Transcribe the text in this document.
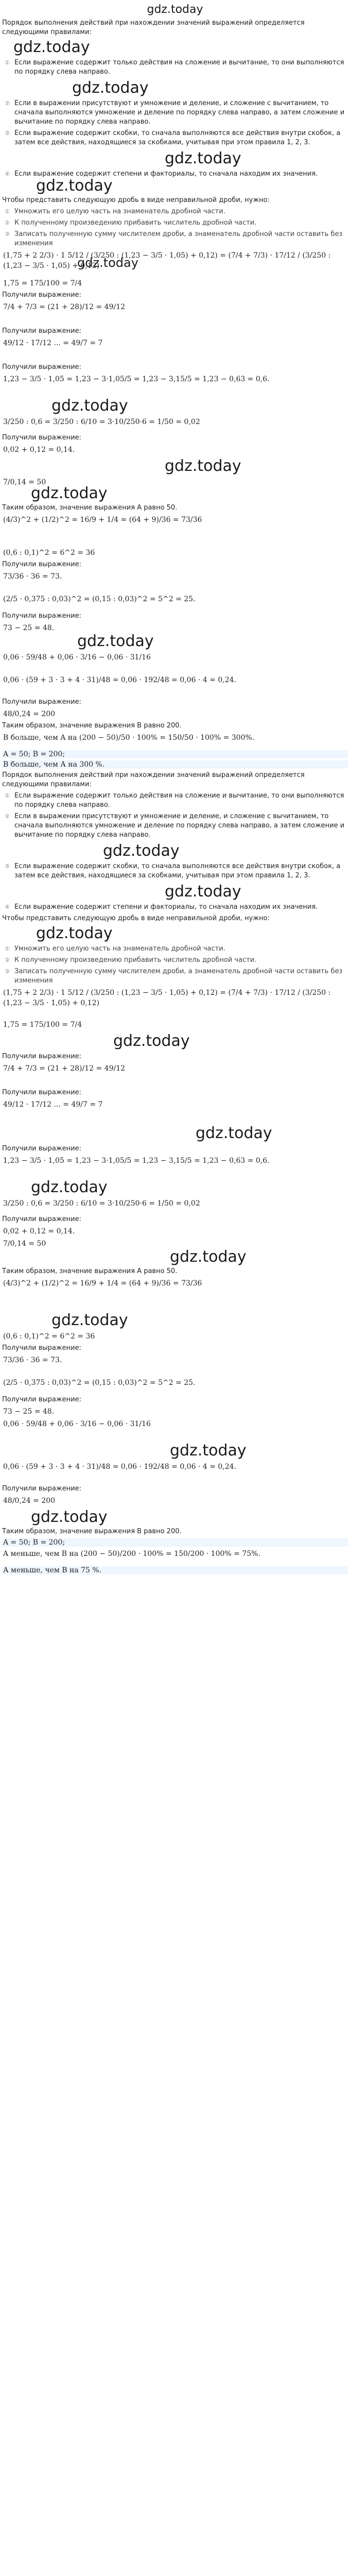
gdz.today

Порядок выполнения действий при нахождении значений выражений определяется следующими правилами:

gdz.today
① Если выражение содержит только действия на сложение и вычитание, то они выполняются по порядку слева направо.
gdz.today
② Если в выражении присутствуют и умножение и деление, и сложение с вычитанием, то сначала выполняются умножение и деление по порядку слева направо, а затем сложение и вычитание по порядку слева направо.
③ Если выражение содержит скобки, то сначала выполняются все действия внутри скобок, а затем все действия, находящиеся за скобками, учитывая при этом правила 1, 2, 3.
gdz.today
④ Если выражение содержит степени и факториалы, то сначала находим их значения.
gdz.today

Чтобы представить следующую дробь в виде неправильной дроби, нужно:

① Умножить его целую часть на знаменатель дробной части.
② К полученному произведению прибавить числитель дробной части.
③ Записать полученную сумму числителем дроби, а знаменатель дробной части оставить без изменения
(1,75 + 2 2/3) · 1 5/12 / (3/250 : (1,23 − 3/5 · 1,05) + 0,12) = (7/4 + 7/3) · 17/12 / (3/250 : (1,23 − 3/5 · 1,05) + 0,12)
gdz.today
1,75 = 175/100 = 7/4
Получили выражение:
7/4 + 7/3 = (21 + 28)/12 = 49/12
Получили выражение:
49/12 · 17/12 ... = 49/7 = 7
Получили выражение:
1,23 − 3/5 · 1,05 = 1,23 − 3·1,05/5 = 1,23 − 3,15/5 = 1,23 − 0,63 = 0,6.
gdz.today
3/250 : 0,6 = 3/250 : 6/10 = 3·10/250·6 = 1/50 = 0,02
Получили выражение:
0,02 + 0,12 = 0,14.
gdz.today
7/0,14 = 50
gdz.today

Таким образом, значение выражения A равно 50.

(4/3)^2 + (1/2)^2 = 16/9 + 1/4 = (64 + 9)/36 = 73/36
(0,6 : 0,1)^2 = 6^2 = 36
Получили выражение:
73/36 · 36 = 73.
(2/5 · 0,375 : 0,03)^2 = (0,15 : 0,03)^2 = 5^2 = 25.
Получили выражение:
73 − 25 = 48.
gdz.today
0,06 · 59/48 + 0,06 · 3/16 − 0,06 · 31/16
0,06 · (59 + 3 · 3 + 4 · 31)/48 = 0,06 · 192/48 = 0,06 · 4 = 0,24.
Получили выражение:
48/0,24 = 200

Таким образом, значение выражения B равно 200.

B больше, чем A на (200 − 50)/50 · 100% = 150/50 · 100% = 300%.
A = 50; B = 200;
В больше, чем А на 300 %.

Порядок выполнения действий при нахождении значений выражений определяется следующими правилами:

① Если выражение содержит только действия на сложение и вычитание, то они выполняются по порядку слева направо.
② Если в выражении присутствуют и умножение и деление, и сложение с вычитанием, то сначала выполняются умножение и деление по порядку слева направо, а затем сложение и вычитание по порядку слева направо.
gdz.today
③ Если выражение содержит скобки, то сначала выполняются все действия внутри скобок, а затем все действия, находящиеся за скобками, учитывая при этом правила 1, 2, 3.
gdz.today
④ Если выражение содержит степени и факториалы, то сначала находим их значения.

Чтобы представить следующую дробь в виде неправильной дроби, нужно:

gdz.today
① Умножить его целую часть на знаменатель дробной части.
② К полученному произведению прибавить числитель дробной части.
③ Записать полученную сумму числителем дроби, а знаменатель дробной части оставить без изменения
(1,75 + 2 2/3) · 1 5/12 / (3/250 : (1,23 − 3/5 · 1,05) + 0,12) = (7/4 + 7/3) · 17/12 / (3/250 : (1,23 − 3/5 · 1,05) + 0,12)
1,75 = 175/100 = 7/4
gdz.today
Получили выражение:
7/4 + 7/3 = (21 + 28)/12 = 49/12
Получили выражение:
49/12 · 17/12 ... = 49/7 = 7
gdz.today
Получили выражение:
1,23 − 3/5 · 1,05 = 1,23 − 3·1,05/5 = 1,23 − 3,15/5 = 1,23 − 0,63 = 0,6.
gdz.today
3/250 : 0,6 = 3/250 : 6/10 = 3·10/250·6 = 1/50 = 0,02
Получили выражение:
0,02 + 0,12 = 0,14.
7/0,14 = 50
gdz.today

Таким образом, значение выражения A равно 50.

(4/3)^2 + (1/2)^2 = 16/9 + 1/4 = (64 + 9)/36 = 73/36
gdz.today
(0,6 : 0,1)^2 = 6^2 = 36
Получили выражение:
73/36 · 36 = 73.
(2/5 · 0,375 : 0,03)^2 = (0,15 : 0,03)^2 = 5^2 = 25.
Получили выражение:
73 − 25 = 48.
0,06 · 59/48 + 0,06 · 3/16 − 0,06 · 31/16
gdz.today
0,06 · (59 + 3 · 3 + 4 · 31)/48 = 0,06 · 192/48 = 0,06 · 4 = 0,24.
Получили выражение:
48/0,24 = 200
gdz.today

Таким образом, значение выражения B равно 200.

A = 50; B = 200;
A меньше, чем B на (200 − 50)/200 · 100% = 150/200 · 100% = 75%.
А меньше, чем В на 75 %.
